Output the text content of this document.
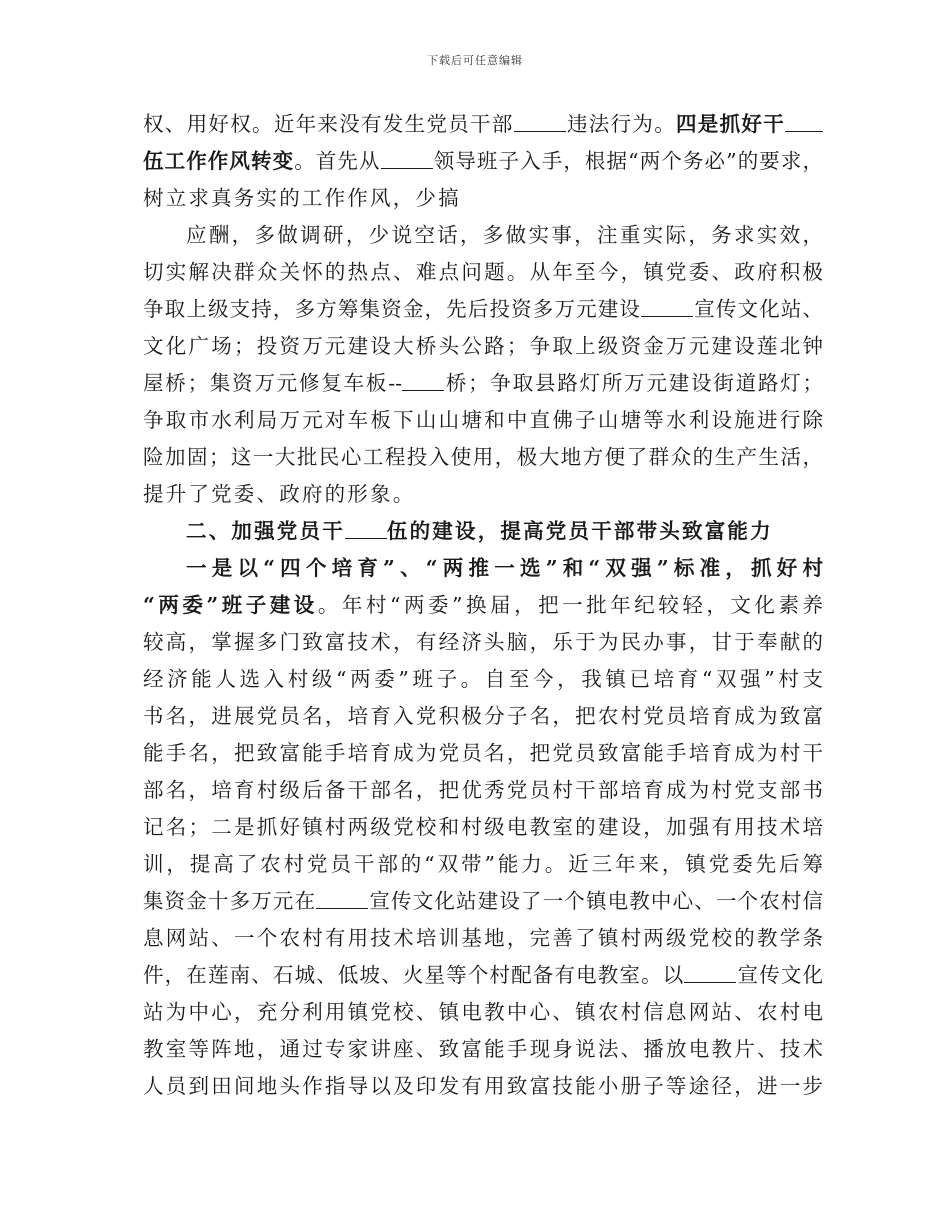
下载后可任意编辑
权、用好权。近年来没有发生党员干部	违法行为。四是抓好干
伍工作作风转变。首先从	领导班子入手，根据“两个务必”的要求，
树立求真务实的工作作风，少搞
应酬，多做调研，少说空话，多做实事，注重实际，务求实效，
切实解决群众关怀的热点、难点问题。从年至今，镇党委、政府积极
争取上级支持，多方筹集资金，先后投资多万元建设	宣传文化站、
文化广场；投资万元建设大桥头公路；争取上级资金万元建设莲北钟
屋桥；集资万元修复车板-- 桥；争取县路灯所万元建设街道路灯；
争取市水利局万元对车板下山山塘和中直佛子山塘等水利设施进行除
险加固；这一大批民心工程投入使用，极大地方便了群众的生产生活，
提升了党委、政府的形象。
二、加强党员干 伍的建设，提高党员干部带头致富能力
一是以“四个培育”、“两推一选”和“双强”标准，抓好村
“两委”班子建设。年村“两委”换届，把一批年纪较轻，文化素养
较高，掌握多门致富技术，有经济头脑，乐于为民办事，甘于奉献的
经济能人选入村级“两委”班子。自至今，我镇已培育“双强”村支
书名，进展党员名，培育入党积极分子名，把农村党员培育成为致富
能手名，把致富能手培育成为党员名，把党员致富能手培育成为村干
部名，培育村级后备干部名，把优秀党员村干部培育成为村党支部书
记名；二是抓好镇村两级党校和村级电教室的建设，加强有用技术培
训，提高了农村党员干部的“双带”能力。近三年来，镇党委先后筹
集资金十多万元在	宣传文化站建设了一个镇电教中心、一个农村信
息网站、一个农村有用技术培训基地，完善了镇村两级党校的教学条
件，在莲南、石城、低坡、火星等个村配备有电教室。以	宣传文化
站为中心，充分利用镇党校、镇电教中心、镇农村信息网站、农村电
教室等阵地，通过专家讲座、致富能手现身说法、播放电教片、技术
人员到田间地头作指导以及印发有用致富技能小册子等途径，进一步
